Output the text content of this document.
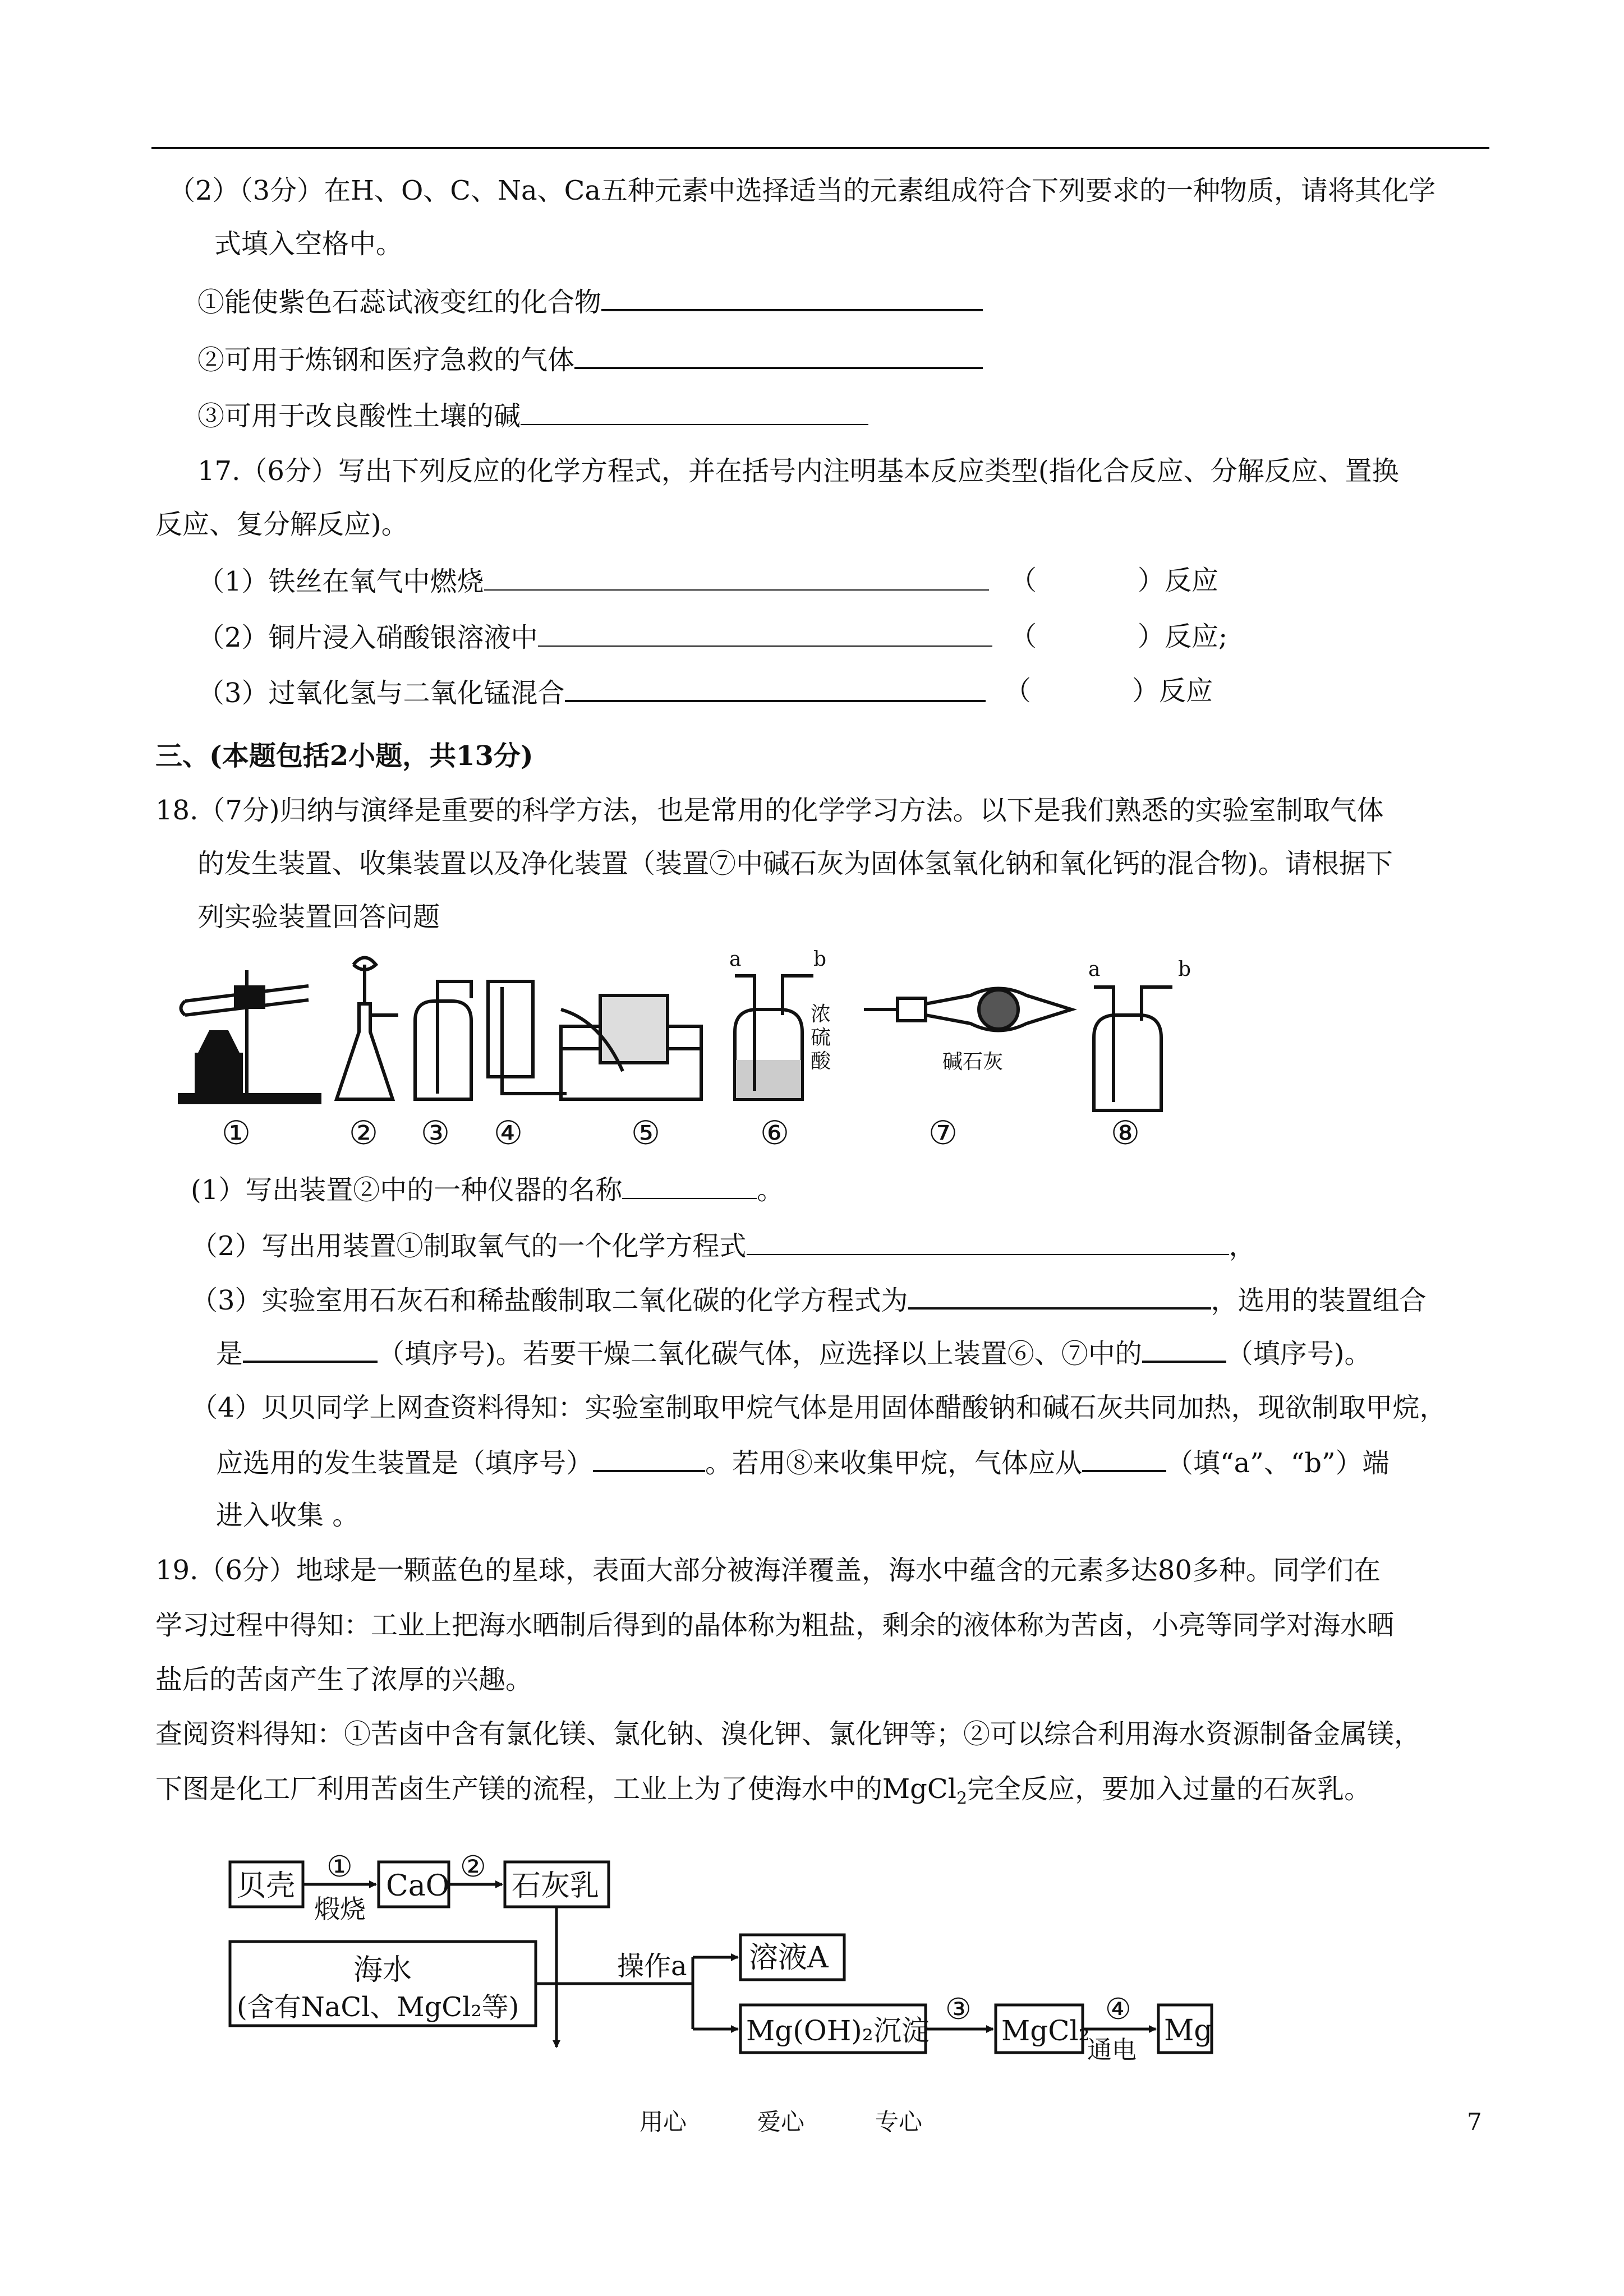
（2）（3分）在H、O、C、Na、Ca五种元素中选择适当的元素组成符合下列要求的一种物质，请将其化学
式填入空格中。
①能使紫色石蕊试液变红的化合物
②可用于炼钢和医疗急救的气体
③可用于改良酸性土壤的碱
17.（6分）写出下列反应的化学方程式，并在括号内注明基本反应类型(指化合反应、分解反应、置换
反应、复分解反应)。
（1）铁丝在氧气中燃烧	（	）反应
（2）铜片浸入硝酸银溶液中	（	）反应;
（3）过氧化氢与二氧化锰混合	（	）反应
三、(本题包括2小题，共13分)
18.（7分)归纳与演绎是重要的科学方法，也是常用的化学学习方法。以下是我们熟悉的实验室制取气体
的发生装置、收集装置以及净化装置（装置⑦中碱石灰为固体氢氧化钠和氧化钙的混合物)。请根据下
列实验装置回答问题
a	b
浓
硫
酸	碱石灰
a	b
①	② ③ ④	⑤	⑥	⑦	⑧
(1）写出装置②中的一种仪器的名称	。
（2）写出用装置①制取氧气的一个化学方程式	，
（3）实验室用石灰石和稀盐酸制取二氧化碳的化学方程式为	，选用的装置组合
是	（填序号)。若要干燥二氧化碳气体，应选择以上装置⑥、⑦中的	（填序号)。
（4）贝贝同学上网查资料得知：实验室制取甲烷气体是用固体醋酸钠和碱石灰共同加热，现欲制取甲烷，
应选用的发生装置是（填序号）	。若用⑧来收集甲烷，气体应从	（填“a”、“b”）端
进入收集 。
19.（6分）地球是一颗蓝色的星球，表面大部分被海洋覆盖，海水中蕴含的元素多达80多种。同学们在
学习过程中得知：工业上把海水晒制后得到的晶体称为粗盐，剩余的液体称为苦卤，小亮等同学对海水晒
盐后的苦卤产生了浓厚的兴趣。
查阅资料得知：①苦卤中含有氯化镁、氯化钠、溴化钾、氯化钾等；②可以综合利用海水资源制备金属镁，
下图是化工厂利用苦卤生产镁的流程，工业上为了使海水中的MgCl$_2$完全反应，要加入过量的石灰乳。
贝壳
①
煅烧
CaO
②
石灰乳
海水
(含有NaCl、MgCl₂等)
操作a 溶液A
Mg(OH)₂沉淀
③
MgCl₂
④
通电
Mg
用心	爱心	专心	7
